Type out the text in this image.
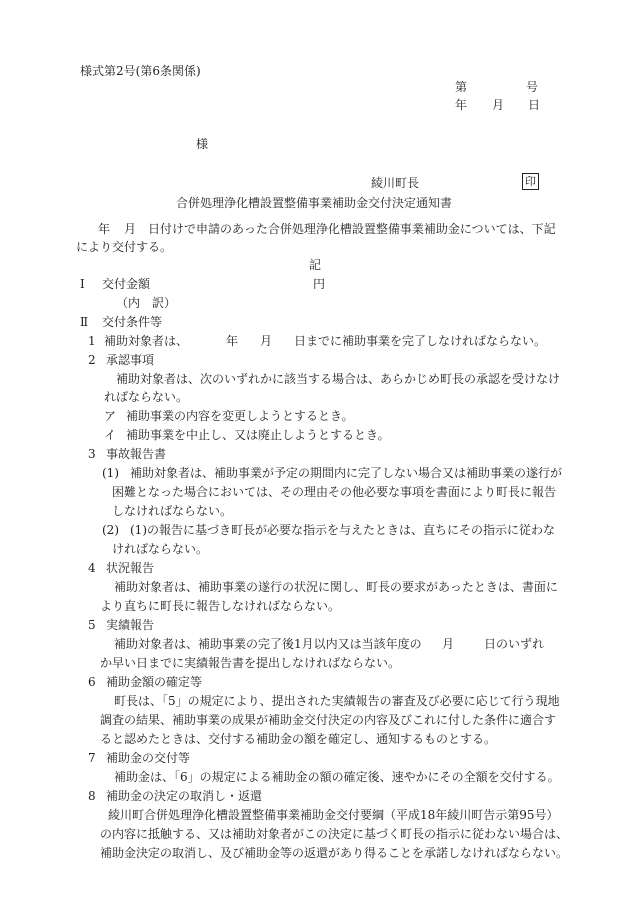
様式第2号(第6条関係)
第	号
年 月 日
様
綾川町長	印
合併処理浄化槽設置整備事業補助金交付決定通知書
年 月 日付けで申請のあった合併処理浄化槽設置整備事業補助金については、下記
により交付する。
記
Ⅰ 交付金額	円
（内　訳）
Ⅱ 交付条件等
1 補助対象者は、	年 月 日までに補助事業を完了しなければならない。
2 承認事項
補助対象者は、次のいずれかに該当する場合は、あらかじめ町長の承認を受けなけ
ればならない。
ア 補助事業の内容を変更しようとするとき。
イ 補助事業を中止し、又は廃止しようとするとき。
3 事故報告書
(1) 補助対象者は、補助事業が予定の期間内に完了しない場合又は補助事業の遂行が
困難となった場合においては、その理由その他必要な事項を書面により町長に報告
しなければならない。
(2) (1)の報告に基づき町長が必要な指示を与えたときは、直ちにその指示に従わな
ければならない。
4 状況報告
補助対象者は、補助事業の遂行の状況に関し、町長の要求があったときは、書面に
より直ちに町長に報告しなければならない。
5 実績報告
補助対象者は、補助事業の完了後1月以内又は当該年度の 月 日のいずれ
か早い日までに実績報告書を提出しなければならない。
6 補助金額の確定等
町長は、「5」の規定により、提出された実績報告の審査及び必要に応じて行う現地
調査の結果、補助事業の成果が補助金交付決定の内容及びこれに付した条件に適合す
ると認めたときは、交付する補助金の額を確定し、通知するものとする。
7 補助金の交付等
補助金は、「6」の規定による補助金の額の確定後、速やかにその全額を交付する。
8 補助金の決定の取消し・返還
綾川町合併処理浄化槽設置整備事業補助金交付要綱（平成18年綾川町告示第95号）
の内容に抵触する、又は補助対象者がこの決定に基づく町長の指示に従わない場合は、
補助金決定の取消し、及び補助金等の返還があり得ることを承諾しなければならない。
